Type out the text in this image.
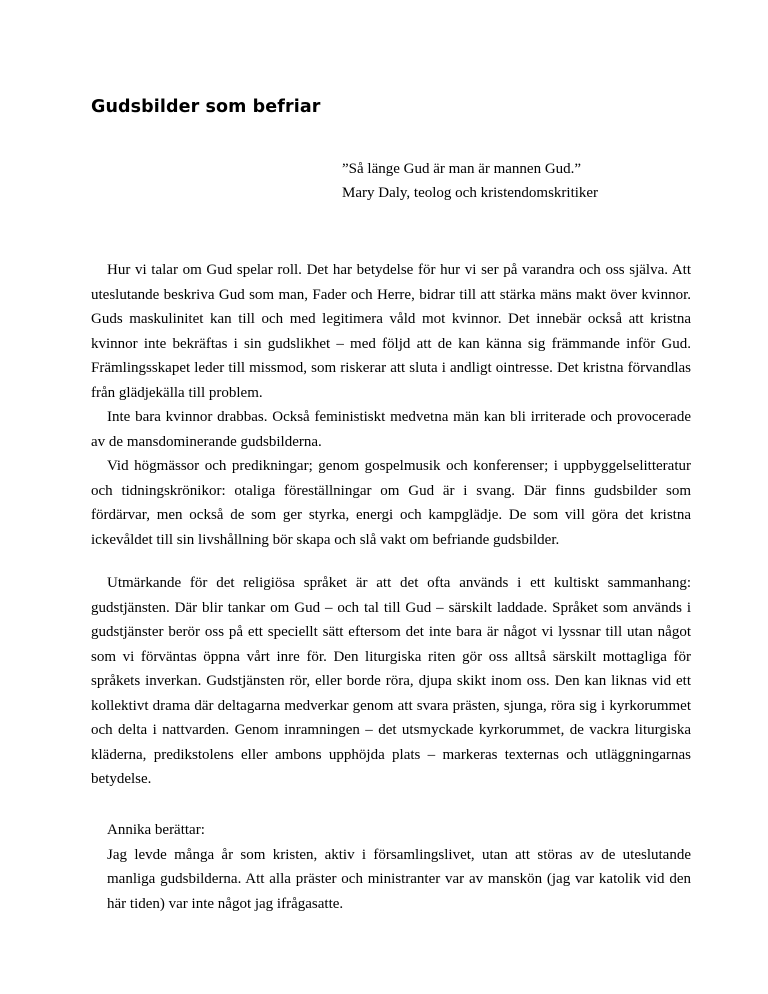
Gudsbilder som befriar
”Så länge Gud är man är mannen Gud.”
Mary Daly, teolog och kristendomskritiker

Hur vi talar om Gud spelar roll. Det har betydelse för hur vi ser på varandra och oss själva. Att uteslutande beskriva Gud som man, Fader och Herre, bidrar till att stärka mäns makt över kvinnor. Guds maskulinitet kan till och med legitimera våld mot kvinnor. Det innebär också att kristna kvinnor inte bekräftas i sin gudslikhet – med följd att de kan känna sig främmande inför Gud. Främlingsskapet leder till missmod, som riskerar att sluta i andligt ointresse. Det kristna förvandlas från glädjekälla till problem.

Inte bara kvinnor drabbas. Också feministiskt medvetna män kan bli irriterade och provocerade av de mansdominerande gudsbilderna.

Vid högmässor och predikningar; genom gospelmusik och konferenser; i uppbyggelselitteratur och tidningskrönikor: otaliga föreställningar om Gud är i svang. Där finns gudsbilder som fördärvar, men också de som ger styrka, energi och kampglädje. De som vill göra det kristna ickevåldet till sin livshållning bör skapa och slå vakt om befriande gudsbilder.

Utmärkande för det religiösa språket är att det ofta används i ett kultiskt sammanhang: gudstjänsten. Där blir tankar om Gud – och tal till Gud – särskilt laddade. Språket som används i gudstjänster berör oss på ett speciellt sätt eftersom det inte bara är något vi lyssnar till utan något som vi förväntas öppna vårt inre för. Den liturgiska riten gör oss alltså särskilt mottagliga för språkets inverkan. Gudstjänsten rör, eller borde röra, djupa skikt inom oss. Den kan liknas vid ett kollektivt drama där deltagarna medverkar genom att svara prästen, sjunga, röra sig i kyrkorummet och delta i nattvarden. Genom inramningen – det utsmyckade kyrkorummet, de vackra liturgiska kläderna, predikstolens eller ambons upphöjda plats – markeras texternas och utläggningarnas betydelse.

Annika berättar:

Jag levde många år som kristen, aktiv i församlingslivet, utan att störas av de uteslutande manliga gudsbilderna. Att alla präster och ministranter var av manskön (jag var katolik vid den här tiden) var inte något jag ifrågasatte.
